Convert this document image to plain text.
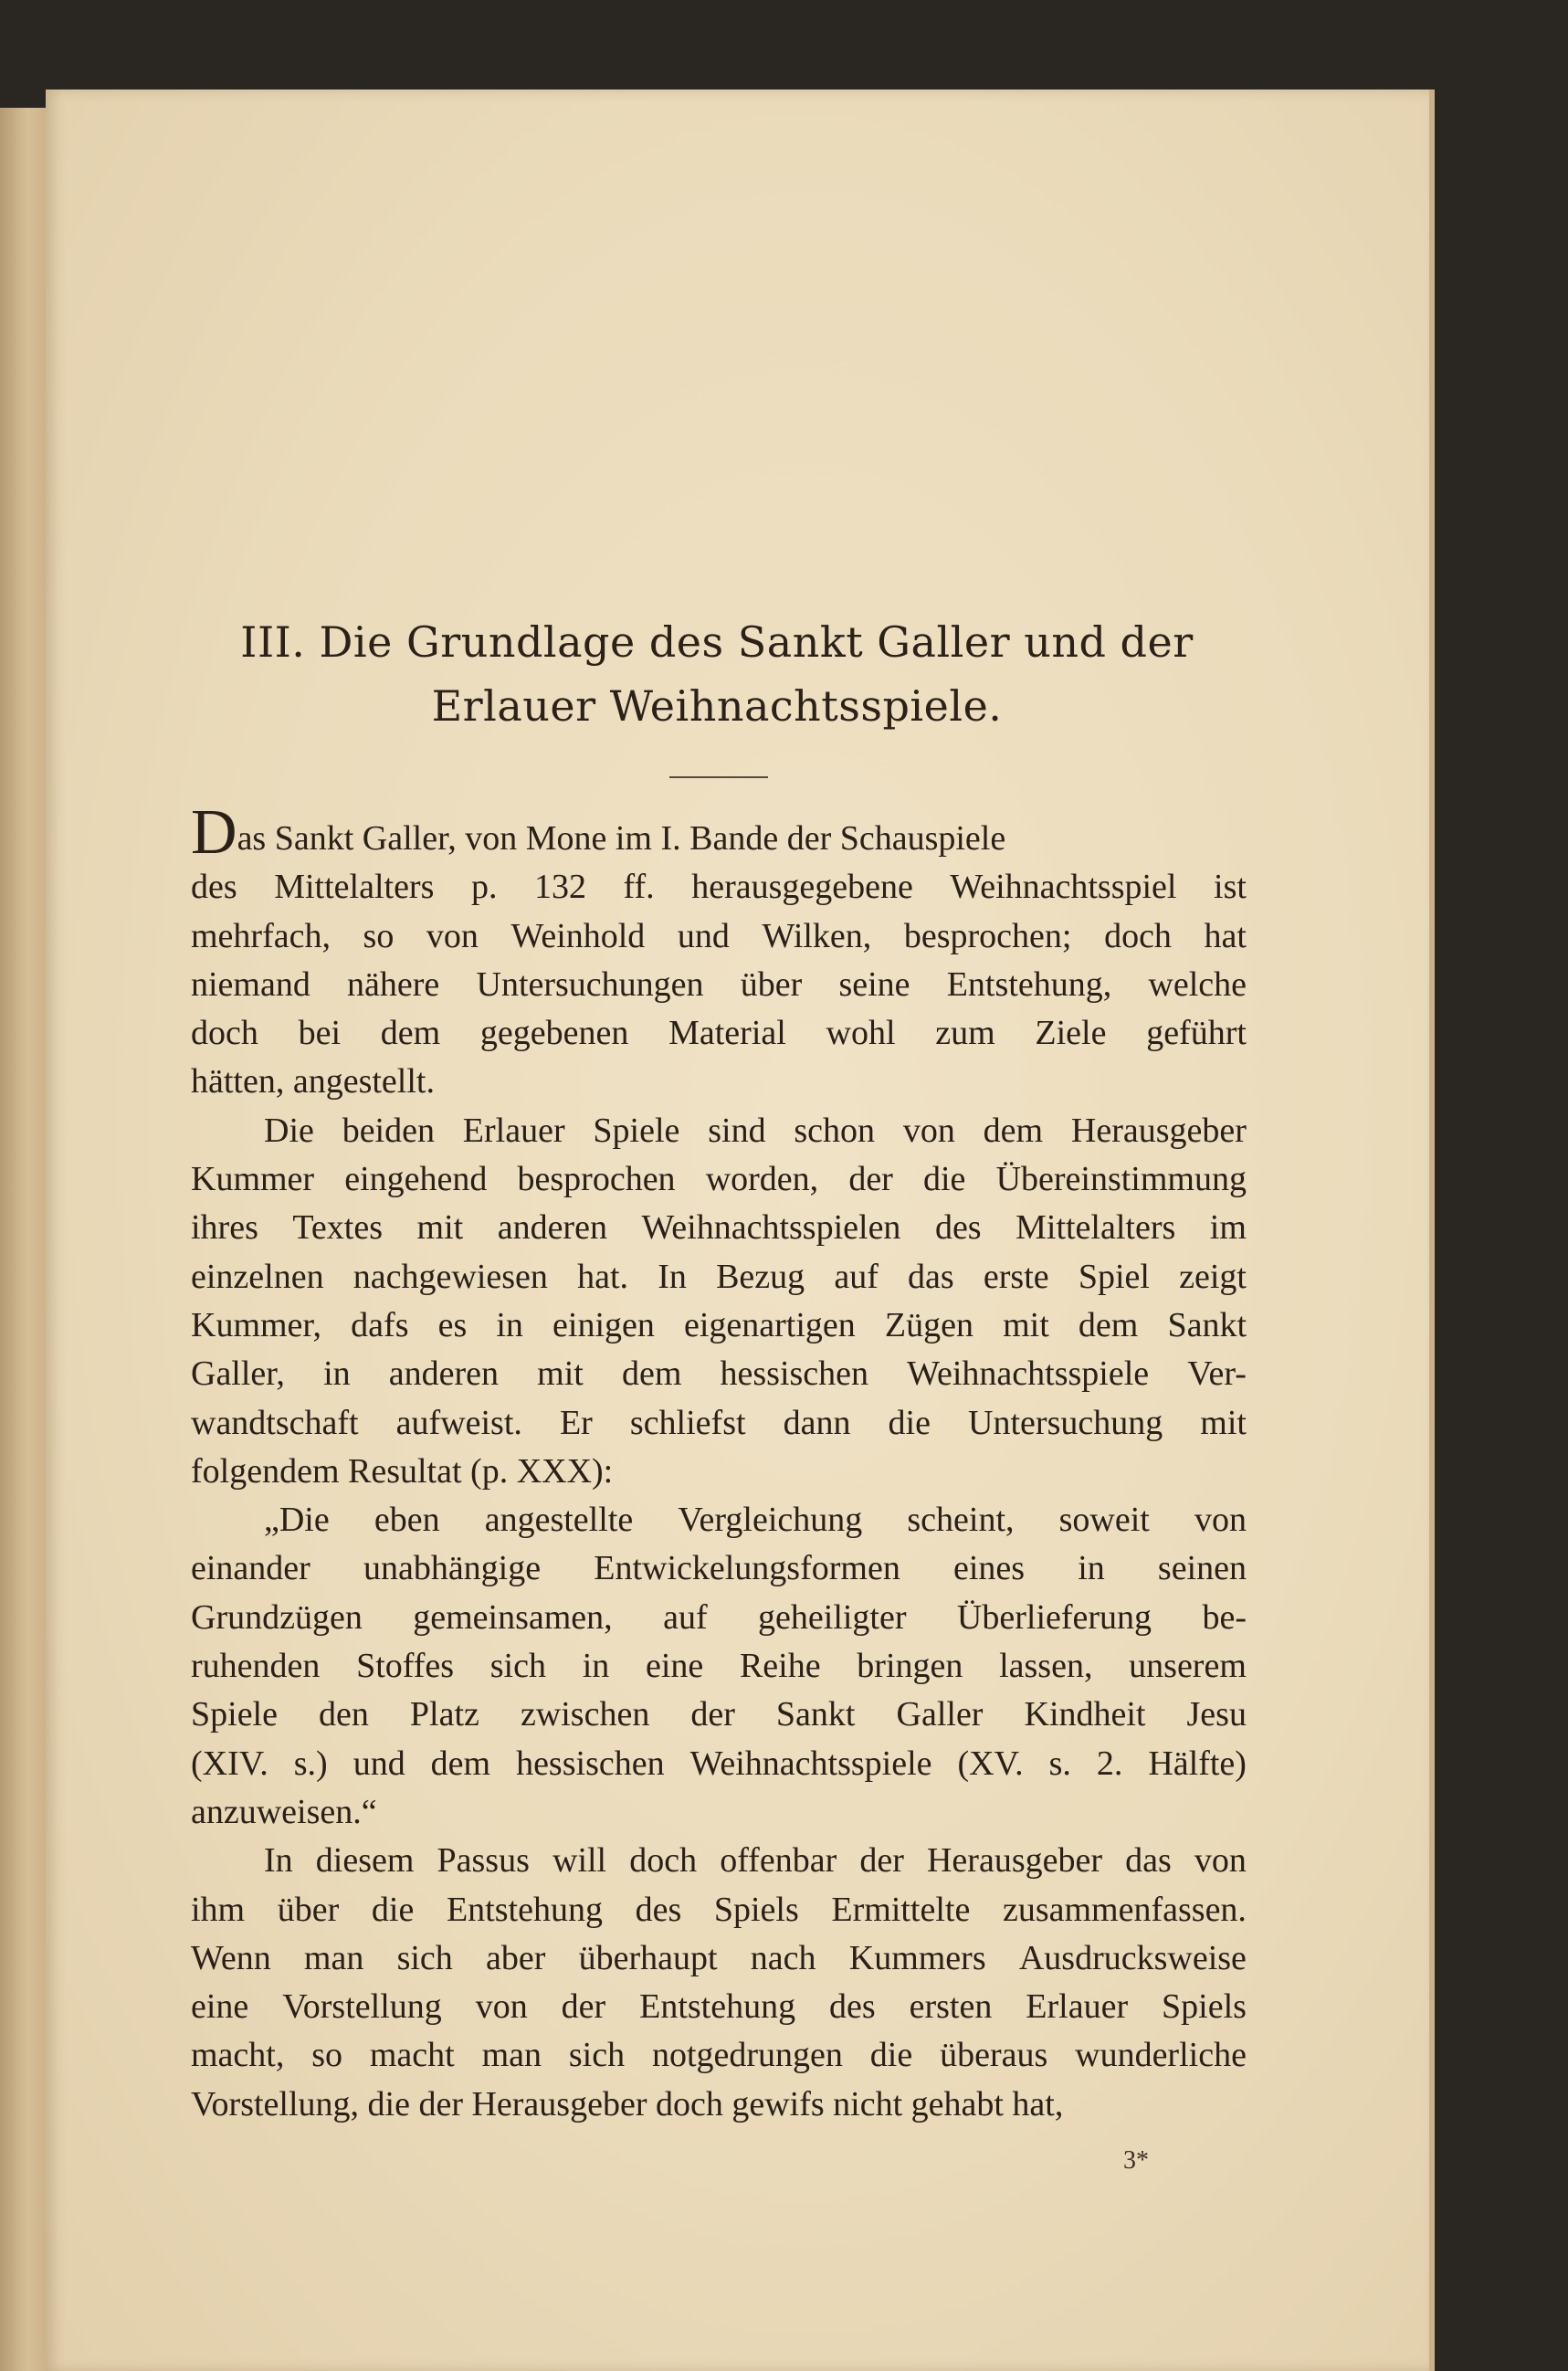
III. Die Grundlage des Sankt Galler und der
Erlauer Weihnachtsspiele.
Das Sankt Galler, von Mone im I. Bande der Schauspiele
des Mittelalters p. 132 ff. herausgegebene Weihnachtsspiel ist
mehrfach, so von Weinhold und Wilken, besprochen; doch hat
niemand nähere Untersuchungen über seine Entstehung, welche
doch bei dem gegebenen Material wohl zum Ziele geführt
hätten, angestellt.
Die beiden Erlauer Spiele sind schon von dem Herausgeber
Kummer eingehend besprochen worden, der die Übereinstimmung
ihres Textes mit anderen Weihnachtsspielen des Mittelalters im
einzelnen nachgewiesen hat. In Bezug auf das erste Spiel zeigt
Kummer, dafs es in einigen eigenartigen Zügen mit dem Sankt
Galler, in anderen mit dem hessischen Weihnachtsspiele Ver-
wandtschaft aufweist. Er schliefst dann die Untersuchung mit
folgendem Resultat (p. XXX):
„Die eben angestellte Vergleichung scheint, soweit von
einander unabhängige Entwickelungsformen eines in seinen
Grundzügen gemeinsamen, auf geheiligter Überlieferung be-
ruhenden Stoffes sich in eine Reihe bringen lassen, unserem
Spiele den Platz zwischen der Sankt Galler Kindheit Jesu
(XIV. s.) und dem hessischen Weihnachtsspiele (XV. s. 2. Hälfte)
anzuweisen.“
In diesem Passus will doch offenbar der Herausgeber das von
ihm über die Entstehung des Spiels Ermittelte zusammenfassen.
Wenn man sich aber überhaupt nach Kummers Ausdrucksweise
eine Vorstellung von der Entstehung des ersten Erlauer Spiels
macht, so macht man sich notgedrungen die überaus wunderliche
Vorstellung, die der Herausgeber doch gewifs nicht gehabt hat,
3*
